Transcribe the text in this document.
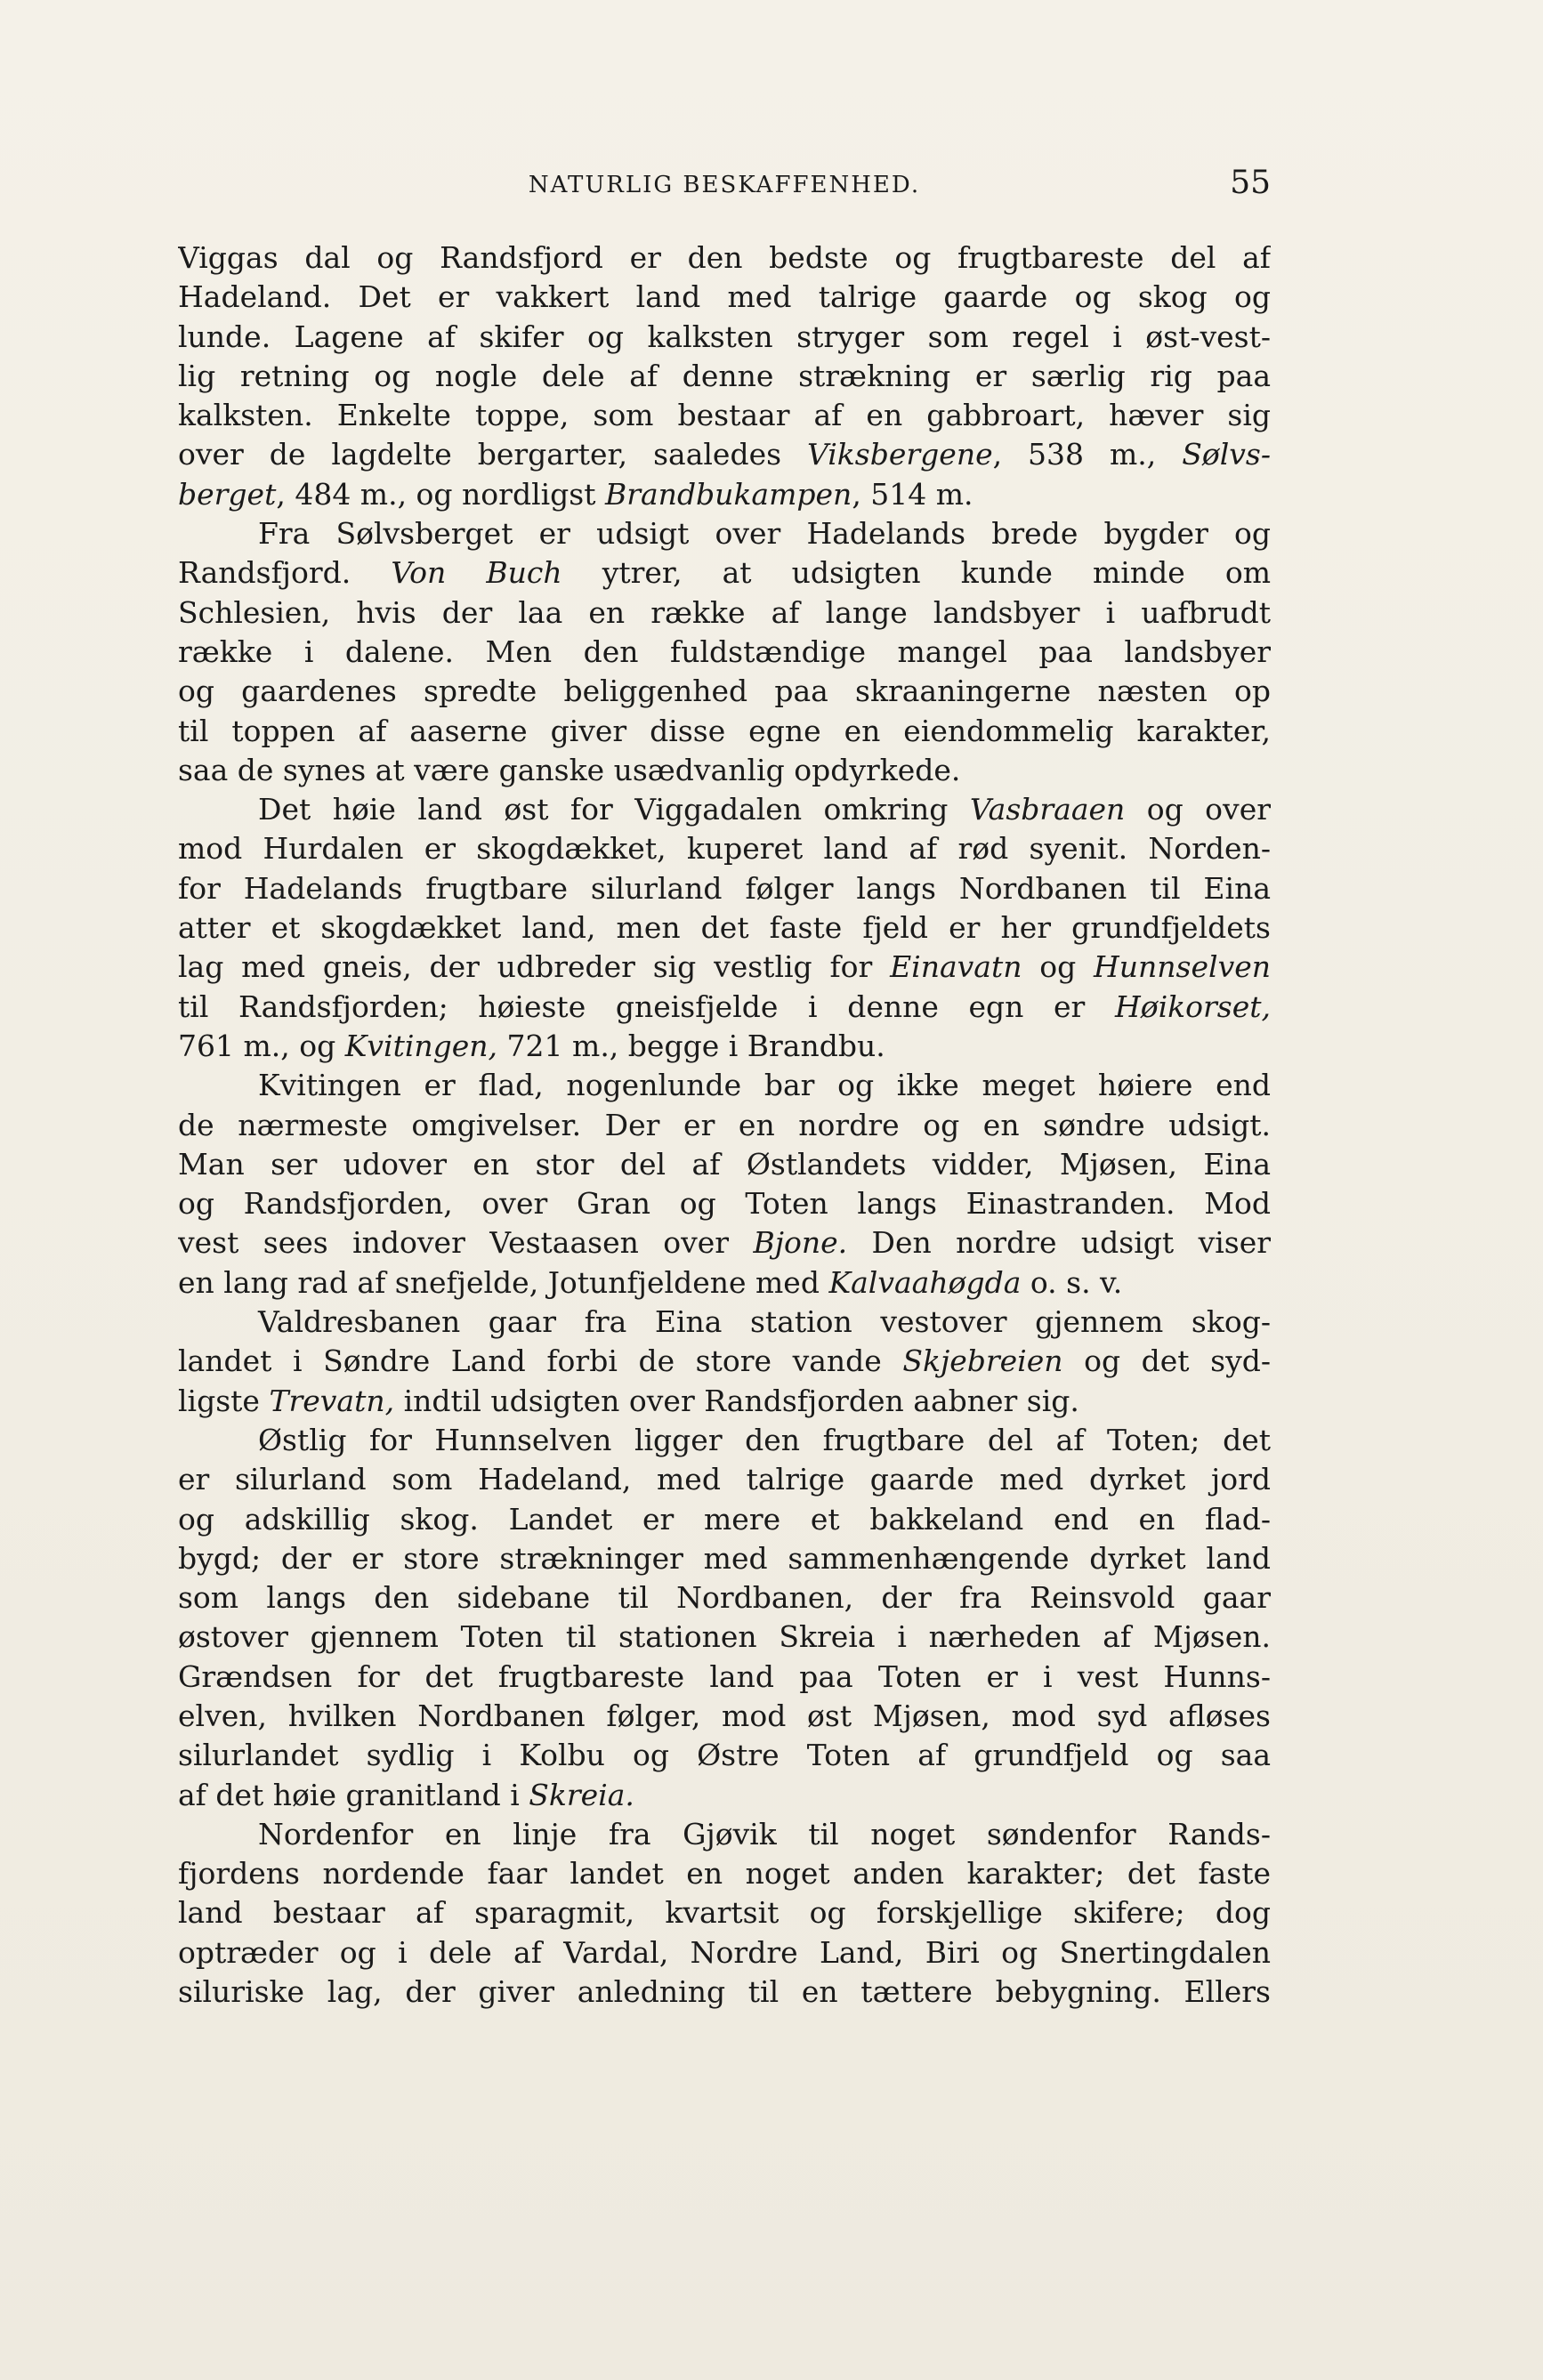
NATURLIG BESKAFFENHED.	55
Viggas dal og Randsfjord er den bedste og frugtbareste del af
Hadeland. Det er vakkert land med talrige gaarde og skog og
lunde. Lagene af skifer og kalksten stryger som regel i øst-vest-
lig retning og nogle dele af denne strækning er særlig rig paa
kalksten. Enkelte toppe, som bestaar af en gabbroart, hæver sig
over de lagdelte bergarter, saaledes Viksbergene, 538 m., Sølvs-
berget, 484 m., og nordligst Brandbukampen, 514 m.
Fra Sølvsberget er udsigt over Hadelands brede bygder og
Randsfjord. Von Buch ytrer, at udsigten kunde minde om
Schlesien, hvis der laa en række af lange landsbyer i uafbrudt
række i dalene. Men den fuldstændige mangel paa landsbyer
og gaardenes spredte beliggenhed paa skraaningerne næsten op
til toppen af aaserne giver disse egne en eiendommelig karakter,
saa de synes at være ganske usædvanlig opdyrkede.
Det høie land øst for Viggadalen omkring Vasbraaen og over
mod Hurdalen er skogdækket, kuperet land af rød syenit. Norden-
for Hadelands frugtbare silurland følger langs Nordbanen til Eina
atter et skogdækket land, men det faste fjeld er her grundfjeldets
lag med gneis, der udbreder sig vestlig for Einavatn og Hunnselven
til Randsfjorden; høieste gneisfjelde i denne egn er Høikorset,
761 m., og Kvitingen, 721 m., begge i Brandbu.
Kvitingen er flad, nogenlunde bar og ikke meget høiere end
de nærmeste omgivelser. Der er en nordre og en søndre udsigt.
Man ser udover en stor del af Østlandets vidder, Mjøsen, Eina
og Randsfjorden, over Gran og Toten langs Einastranden. Mod
vest sees indover Vestaasen over Bjone. Den nordre udsigt viser
en lang rad af snefjelde, Jotunfjeldene med Kalvaahøgda o. s. v.
Valdresbanen gaar fra Eina station vestover gjennem skog-
landet i Søndre Land forbi de store vande Skjebreien og det syd-
ligste Trevatn, indtil udsigten over Randsfjorden aabner sig.
Østlig for Hunnselven ligger den frugtbare del af Toten; det
er silurland som Hadeland, med talrige gaarde med dyrket jord
og adskillig skog. Landet er mere et bakkeland end en flad-
bygd; der er store strækninger med sammenhængende dyrket land
som langs den sidebane til Nordbanen, der fra Reinsvold gaar
østover gjennem Toten til stationen Skreia i nærheden af Mjøsen.
Grændsen for det frugtbareste land paa Toten er i vest Hunns-
elven, hvilken Nordbanen følger, mod øst Mjøsen, mod syd afløses
silurlandet sydlig i Kolbu og Østre Toten af grundfjeld og saa
af det høie granitland i Skreia.
Nordenfor en linje fra Gjøvik til noget søndenfor Rands-
fjordens nordende faar landet en noget anden karakter; det faste
land bestaar af sparagmit, kvartsit og forskjellige skifere; dog
optræder og i dele af Vardal, Nordre Land, Biri og Snertingdalen
siluriske lag, der giver anledning til en tættere bebygning. Ellers
